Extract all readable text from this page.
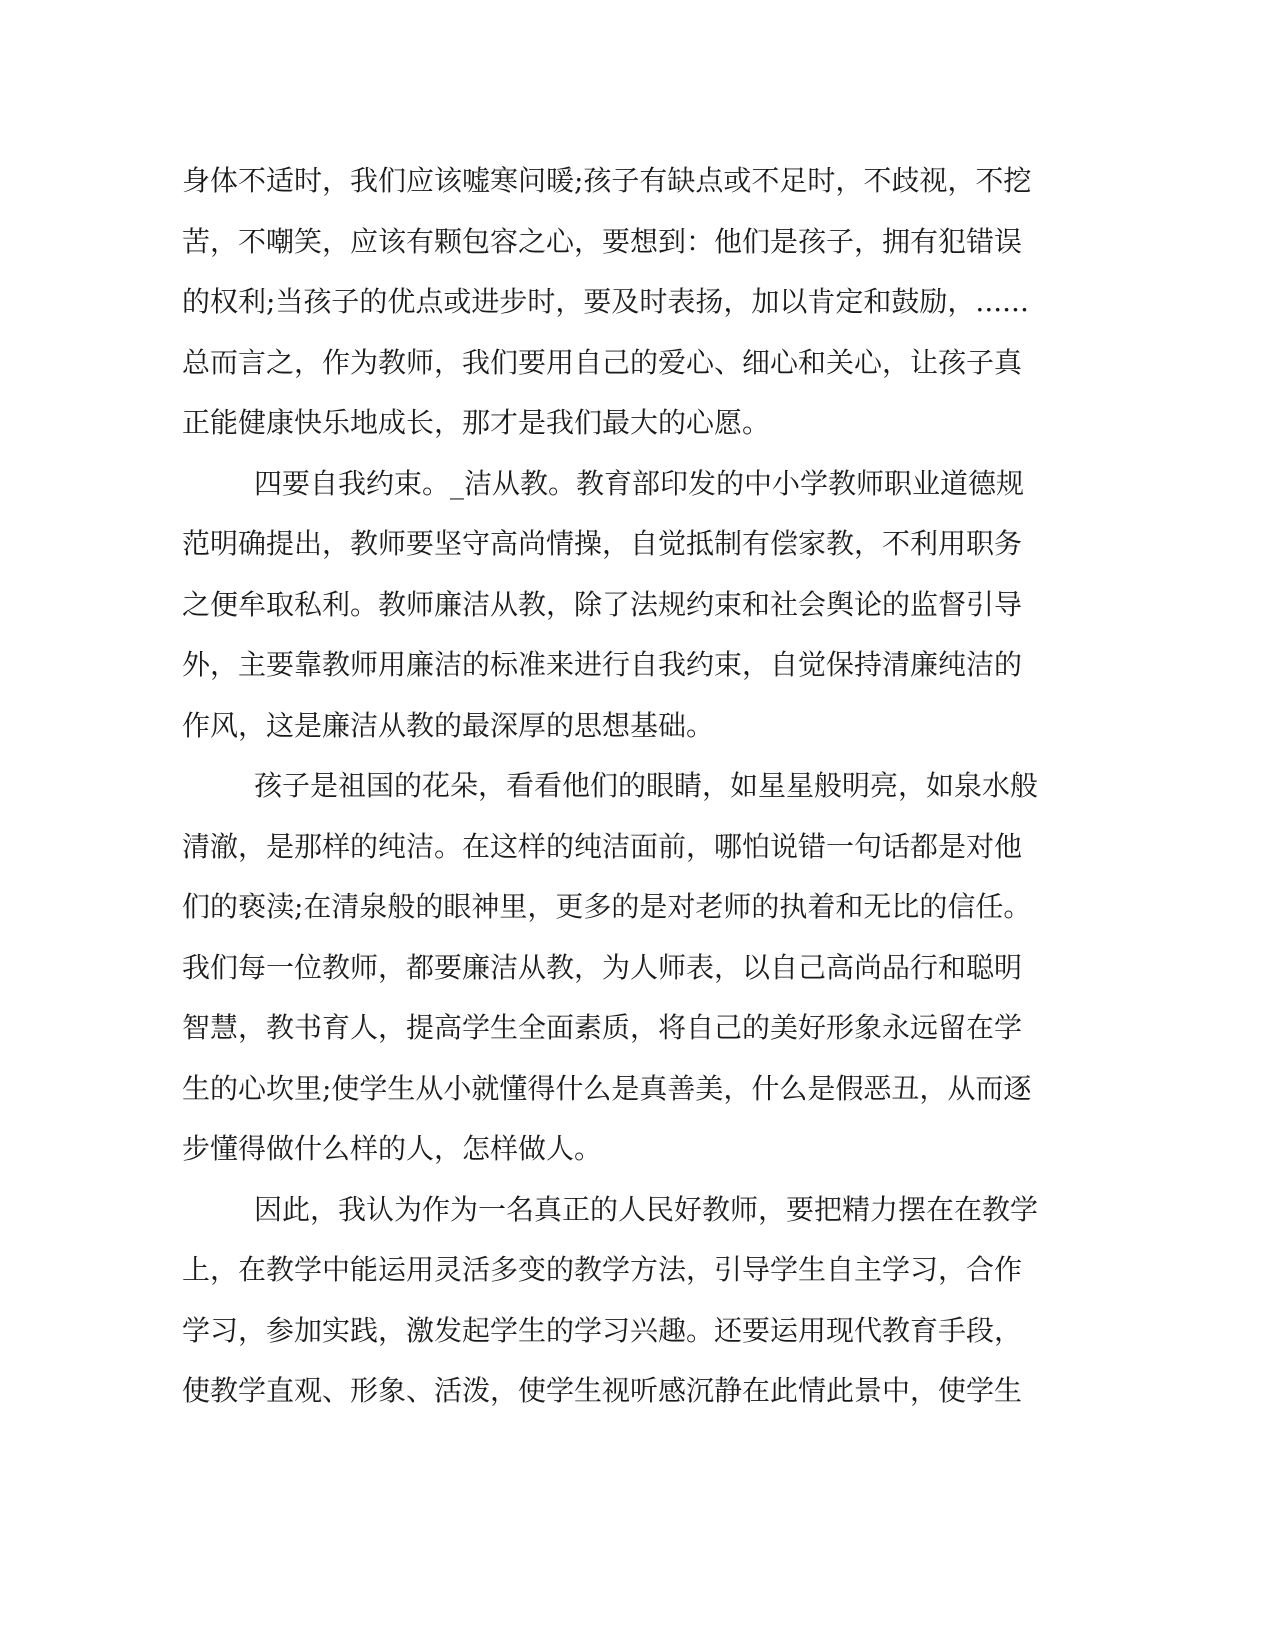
身体不适时，我们应该嘘寒问暖;孩子有缺点或不足时，不歧视，不挖
苦，不嘲笑，应该有颗包容之心，要想到：他们是孩子，拥有犯错误
的权利;当孩子的优点或进步时，要及时表扬，加以肯定和鼓励，......
总而言之，作为教师，我们要用自己的爱心、细心和关心，让孩子真
正能健康快乐地成长，那才是我们最大的心愿。
四要自我约束。_洁从教。教育部印发的中小学教师职业道德规
范明确提出，教师要坚守高尚情操，自觉抵制有偿家教，不利用职务
之便牟取私利。教师廉洁从教，除了法规约束和社会舆论的监督引导
外，主要靠教师用廉洁的标准来进行自我约束，自觉保持清廉纯洁的
作风，这是廉洁从教的最深厚的思想基础。
孩子是祖国的花朵，看看他们的眼睛，如星星般明亮，如泉水般
清澈，是那样的纯洁。在这样的纯洁面前，哪怕说错一句话都是对他
们的亵渎;在清泉般的眼神里，更多的是对老师的执着和无比的信任。
我们每一位教师，都要廉洁从教，为人师表，以自己高尚品行和聪明
智慧，教书育人，提高学生全面素质，将自己的美好形象永远留在学
生的心坎里;使学生从小就懂得什么是真善美，什么是假恶丑，从而逐
步懂得做什么样的人，怎样做人。
因此，我认为作为一名真正的人民好教师，要把精力摆在在教学
上，在教学中能运用灵活多变的教学方法，引导学生自主学习，合作
学习，参加实践，激发起学生的学习兴趣。还要运用现代教育手段，
使教学直观、形象、活泼，使学生视听感沉静在此情此景中，使学生
